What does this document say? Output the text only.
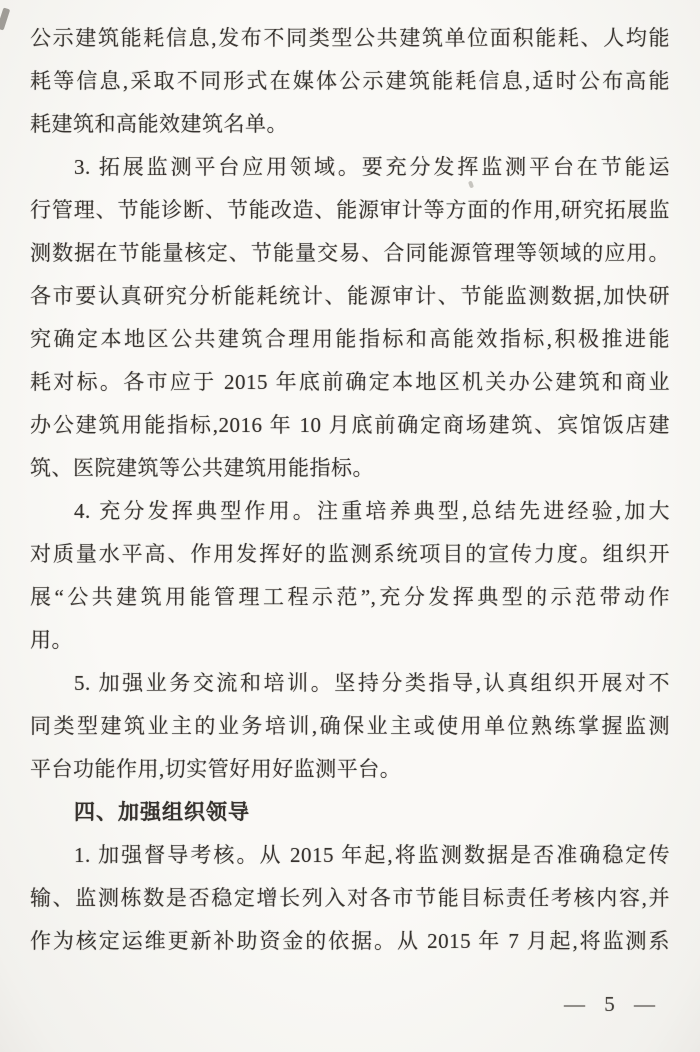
公示建筑能耗信息,发布不同类型公共建筑单位面积能耗、人均能
耗等信息,采取不同形式在媒体公示建筑能耗信息,适时公布高能
耗建筑和高能效建筑名单。
3. 拓展监测平台应用领域。要充分发挥监测平台在节能运
行管理、节能诊断、节能改造、能源审计等方面的作用,研究拓展监
测数据在节能量核定、节能量交易、合同能源管理等领域的应用。
各市要认真研究分析能耗统计、能源审计、节能监测数据,加快研
究确定本地区公共建筑合理用能指标和高能效指标,积极推进能
耗对标。各市应于 2015 年底前确定本地区机关办公建筑和商业
办公建筑用能指标,2016 年 10 月底前确定商场建筑、宾馆饭店建
筑、医院建筑等公共建筑用能指标。
4. 充分发挥典型作用。注重培养典型,总结先进经验,加大
对质量水平高、作用发挥好的监测系统项目的宣传力度。组织开
展“公共建筑用能管理工程示范”,充分发挥典型的示范带动作
用。
5. 加强业务交流和培训。坚持分类指导,认真组织开展对不
同类型建筑业主的业务培训,确保业主或使用单位熟练掌握监测
平台功能作用,切实管好用好监测平台。
四、加强组织领导
1. 加强督导考核。从 2015 年起,将监测数据是否准确稳定传
输、监测栋数是否稳定增长列入对各市节能目标责任考核内容,并
作为核定运维更新补助资金的依据。从 2015 年 7 月起,将监测系
— 5 —
